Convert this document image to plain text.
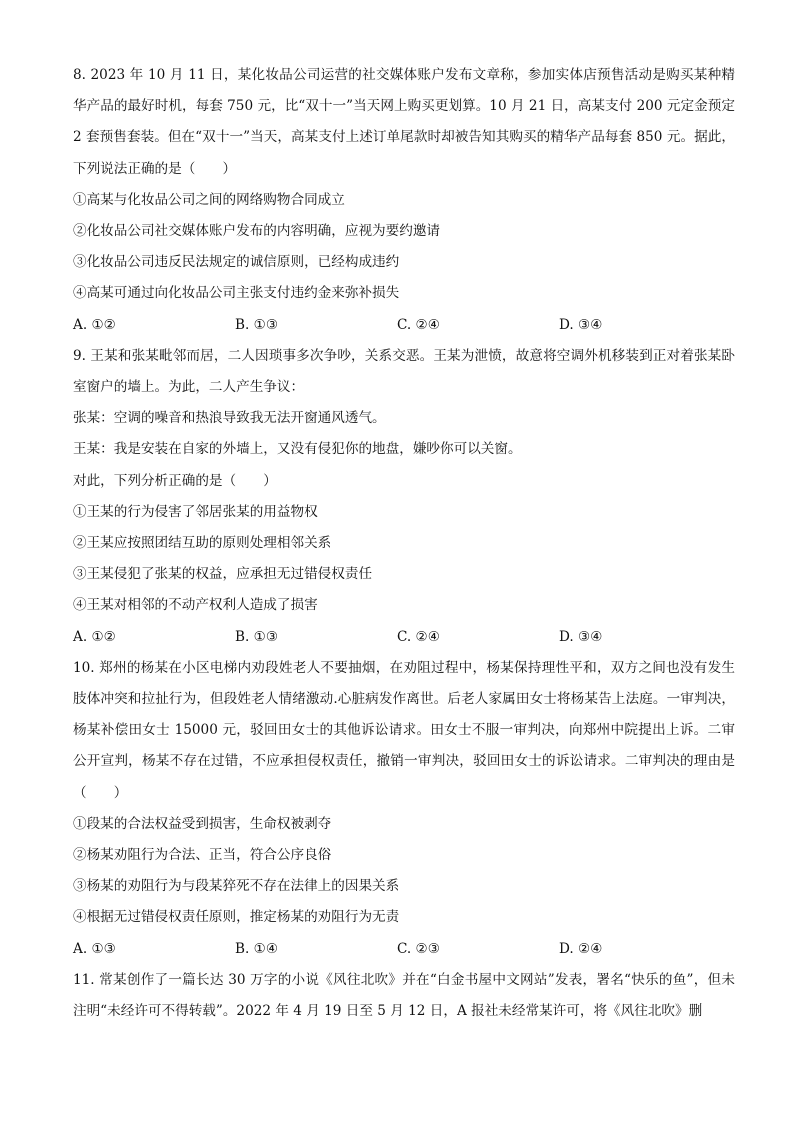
8. 2023 年 10 月 11 日，某化妆品公司运营的社交媒体账户发布文章称，参加实体店预售活动是购买某种精华产品的最好时机，每套 750 元，比“双十一”当天网上购买更划算。10 月 21 日，高某支付 200 元定金预定 2 套预售套装。但在“双十一”当天，高某支付上述订单尾款时却被告知其购买的精华产品每套 850 元。据此，下列说法正确的是（　　）

①高某与化妆品公司之间的网络购物合同成立

②化妆品公司社交媒体账户发布的内容明确，应视为要约邀请

③化妆品公司违反民法规定的诚信原则，已经构成违约

④高某可通过向化妆品公司主张支付违约金来弥补损失

A. ①②	B. ①③	C. ②④	D. ③④

9. 王某和张某毗邻而居，二人因琐事多次争吵，关系交恶。王某为泄愤，故意将空调外机移装到正对着张某卧室窗户的墙上。为此，二人产生争议：

张某：空调的噪音和热浪导致我无法开窗通风透气。

王某：我是安装在自家的外墙上，又没有侵犯你的地盘，嫌吵你可以关窗。

对此，下列分析正确的是（　　）

①王某的行为侵害了邻居张某的用益物权

②王某应按照团结互助的原则处理相邻关系

③王某侵犯了张某的权益，应承担无过错侵权责任

④王某对相邻的不动产权利人造成了损害

A. ①②	B. ①③	C. ②④	D. ③④

10. 郑州的杨某在小区电梯内劝段姓老人不要抽烟，在劝阻过程中，杨某保持理性平和，双方之间也没有发生肢体冲突和拉扯行为，但段姓老人情绪激动.心脏病发作离世。后老人家属田女士将杨某告上法庭。一审判决，杨某补偿田女士 15000 元，驳回田女士的其他诉讼请求。田女士不服一审判决，向郑州中院提出上诉。二审公开宣判，杨某不存在过错，不应承担侵权责任，撤销一审判决，驳回田女士的诉讼请求。二审判决的理由是（　　）

①段某的合法权益受到损害，生命权被剥夺

②杨某劝阻行为合法、正当，符合公序良俗

③杨某的劝阻行为与段某猝死不存在法律上的因果关系

④根据无过错侵权责任原则，推定杨某的劝阻行为无责

A. ①③	B. ①④	C. ②③	D. ②④

11. 常某创作了一篇长达 30 万字的小说《风往北吹》并在“白金书屋中文网站”发表，署名“快乐的鱼”，但未注明“未经许可不得转载”。2022 年 4 月 19 日至 5 月 12 日，A 报社未经常某许可，将《风往北吹》删
